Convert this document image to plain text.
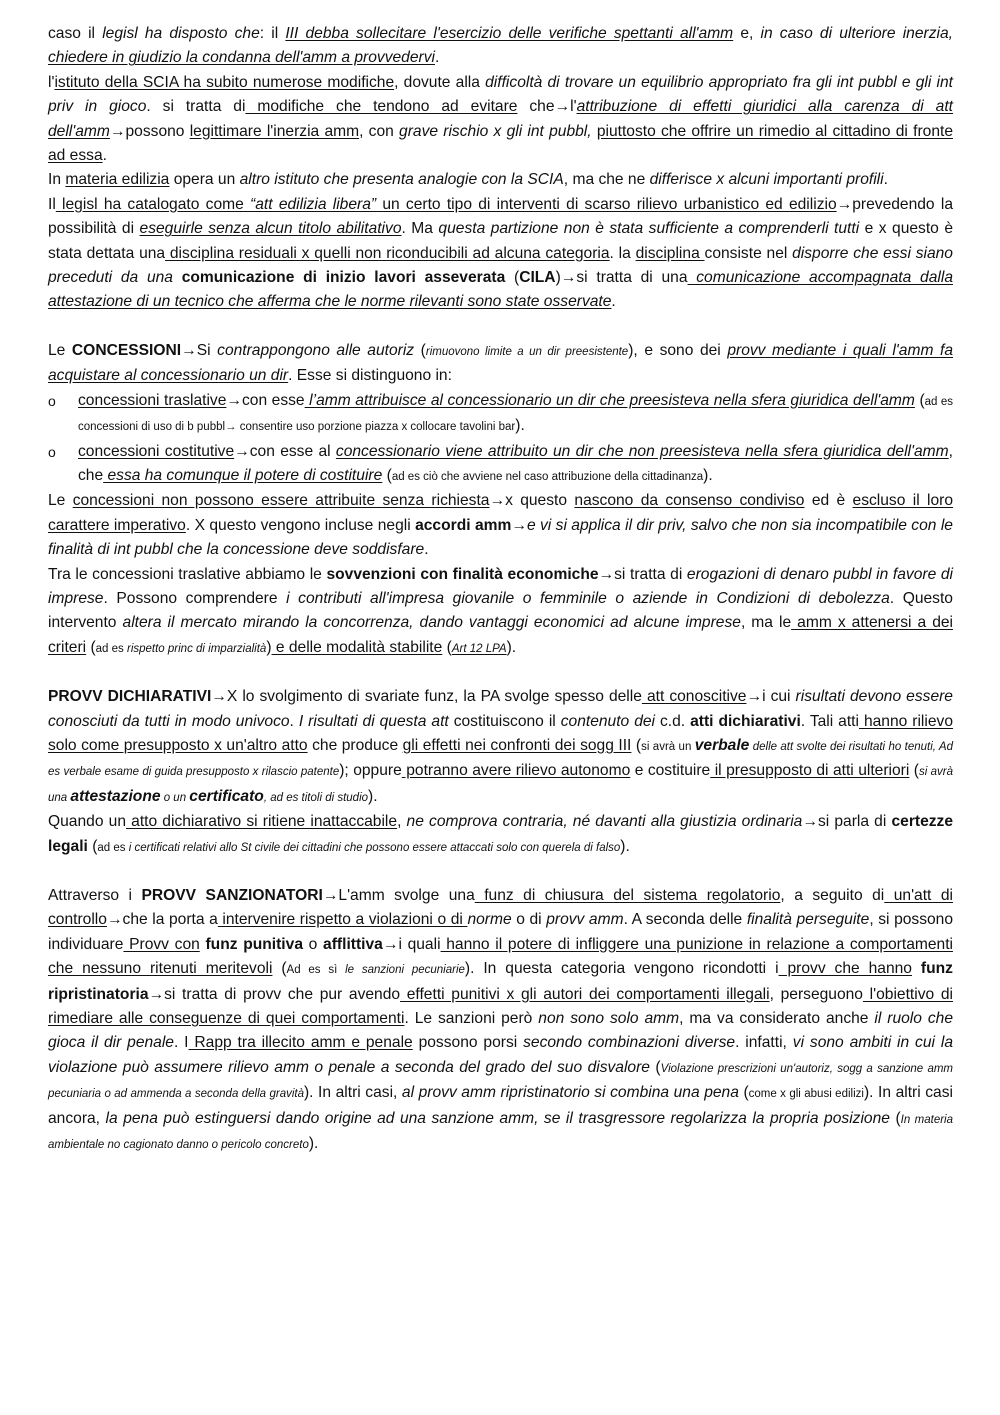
caso il legisl ha disposto che: il III debba sollecitare l'esercizio delle verifiche spettanti all'amm e, in caso di ulteriore inerzia, chiedere in giudizio la condanna dell'amm a provvedervi.

l'istituto della SCIA ha subito numerose modifiche, dovute alla difficoltà di trovare un equilibrio appropriato fra gli int pubbl e gli int priv in gioco. si tratta di modifiche che tendono ad evitare che→l'attribuzione di effetti giuridici alla carenza di att dell'amm→possono legittimare l'inerzia amm, con grave rischio x gli int pubbl, piuttosto che offrire un rimedio al cittadino di fronte ad essa.

In materia edilizia opera un altro istituto che presenta analogie con la SCIA, ma che ne differisce x alcuni importanti profili.

Il legisl ha catalogato come “att edilizia libera” un certo tipo di interventi di scarso rilievo urbanistico ed edilizio→prevedendo la possibilità di eseguirle senza alcun titolo abilitativo. Ma questa partizione non è stata sufficiente a comprenderli tutti e x questo è stata dettata una disciplina residuali x quelli non riconducibili ad alcuna categoria. la disciplina consiste nel disporre che essi siano preceduti da una comunicazione di inizio lavori asseverata (CILA)→si tratta di una comunicazione accompagnata dalla attestazione di un tecnico che afferma che le norme rilevanti sono state osservate.

Le CONCESSIONI→Si contrappongono alle autoriz (rimuovono limite a un dir preesistente), e sono dei provv mediante i quali l'amm fa acquistare al concessionario un dir. Esse si distinguono in:

o concessioni traslative→con esse l’amm attribuisce al concessionario un dir che preesisteva nella sfera giuridica dell'amm (ad es concessioni di uso di b pubbl→ consentire uso porzione piazza x collocare tavolini bar).
o concessioni costitutive→con esse al concessionario viene attribuito un dir che non preesisteva nella sfera giuridica dell'amm, che essa ha comunque il potere di costituire (ad es ciò che avviene nel caso attribuzione della cittadinanza).

Le concessioni non possono essere attribuite senza richiesta→x questo nascono da consenso condiviso ed è escluso il loro carattere imperativo. X questo vengono incluse negli accordi amm→e vi si applica il dir priv, salvo che non sia incompatibile con le finalità di int pubbl che la concessione deve soddisfare.

Tra le concessioni traslative abbiamo le sovvenzioni con finalità economiche→si tratta di erogazioni di denaro pubbl in favore di imprese. Possono comprendere i contributi all'impresa giovanile o femminile o aziende in Condizioni di debolezza. Questo intervento altera il mercato mirando la concorrenza, dando vantaggi economici ad alcune imprese, ma le amm x attenersi a dei criteri (ad es rispetto princ di imparzialità) e delle modalità stabilite (Art 12 LPA).

PROVV DICHIARATIVI→X lo svolgimento di svariate funz, la PA svolge spesso delle att conoscitive→i cui risultati devono essere conosciuti da tutti in modo univoco. I risultati di questa att costituiscono il contenuto dei c.d. atti dichiarativi. Tali atti hanno rilievo solo come presupposto x un'altro atto che produce gli effetti nei confronti dei sogg III (si avrà un verbale delle att svolte dei risultati ho tenuti, Ad es verbale esame di guida presupposto x rilascio patente); oppure potranno avere rilievo autonomo e costituire il presupposto di atti ulteriori (si avrà una attestazione o un certificato, ad es titoli di studio).

Quando un atto dichiarativo si ritiene inattaccabile, ne comprova contraria, né davanti alla giustizia ordinaria→si parla di certezze legali (ad es i certificati relativi allo St civile dei cittadini che possono essere attaccati solo con querela di falso).

Attraverso i PROVV SANZIONATORI→L'amm svolge una funz di chiusura del sistema regolatorio, a seguito di un'att di controllo→che la porta a intervenire rispetto a violazioni o di norme o di provv amm. A seconda delle finalità perseguite, si possono individuare Provv con funz punitiva o afflittiva→i quali hanno il potere di infliggere una punizione in relazione a comportamenti che nessuno ritenuti meritevoli (Ad es sì le sanzioni pecuniarie). In questa categoria vengono ricondotti i provv che hanno funz ripristinatoria→si tratta di provv che pur avendo effetti punitivi x gli autori dei comportamenti illegali, perseguono l'obiettivo di rimediare alle conseguenze di quei comportamenti. Le sanzioni però non sono solo amm, ma va considerato anche il ruolo che gioca il dir penale. I Rapp tra illecito amm e penale possono porsi secondo combinazioni diverse. infatti, vi sono ambiti in cui la violazione può assumere rilievo amm o penale a seconda del grado del suo disvalore (Violazione prescrizioni un'autoriz, sogg a sanzione amm pecuniaria o ad ammenda a seconda della gravità). In altri casi, al provv amm ripristinatorio si combina una pena (come x gli abusi edilizi). In altri casi ancora, la pena può estinguersi dando origine ad una sanzione amm, se il trasgressore regolarizza la propria posizione (In materia ambientale no cagionato danno o pericolo concreto).
